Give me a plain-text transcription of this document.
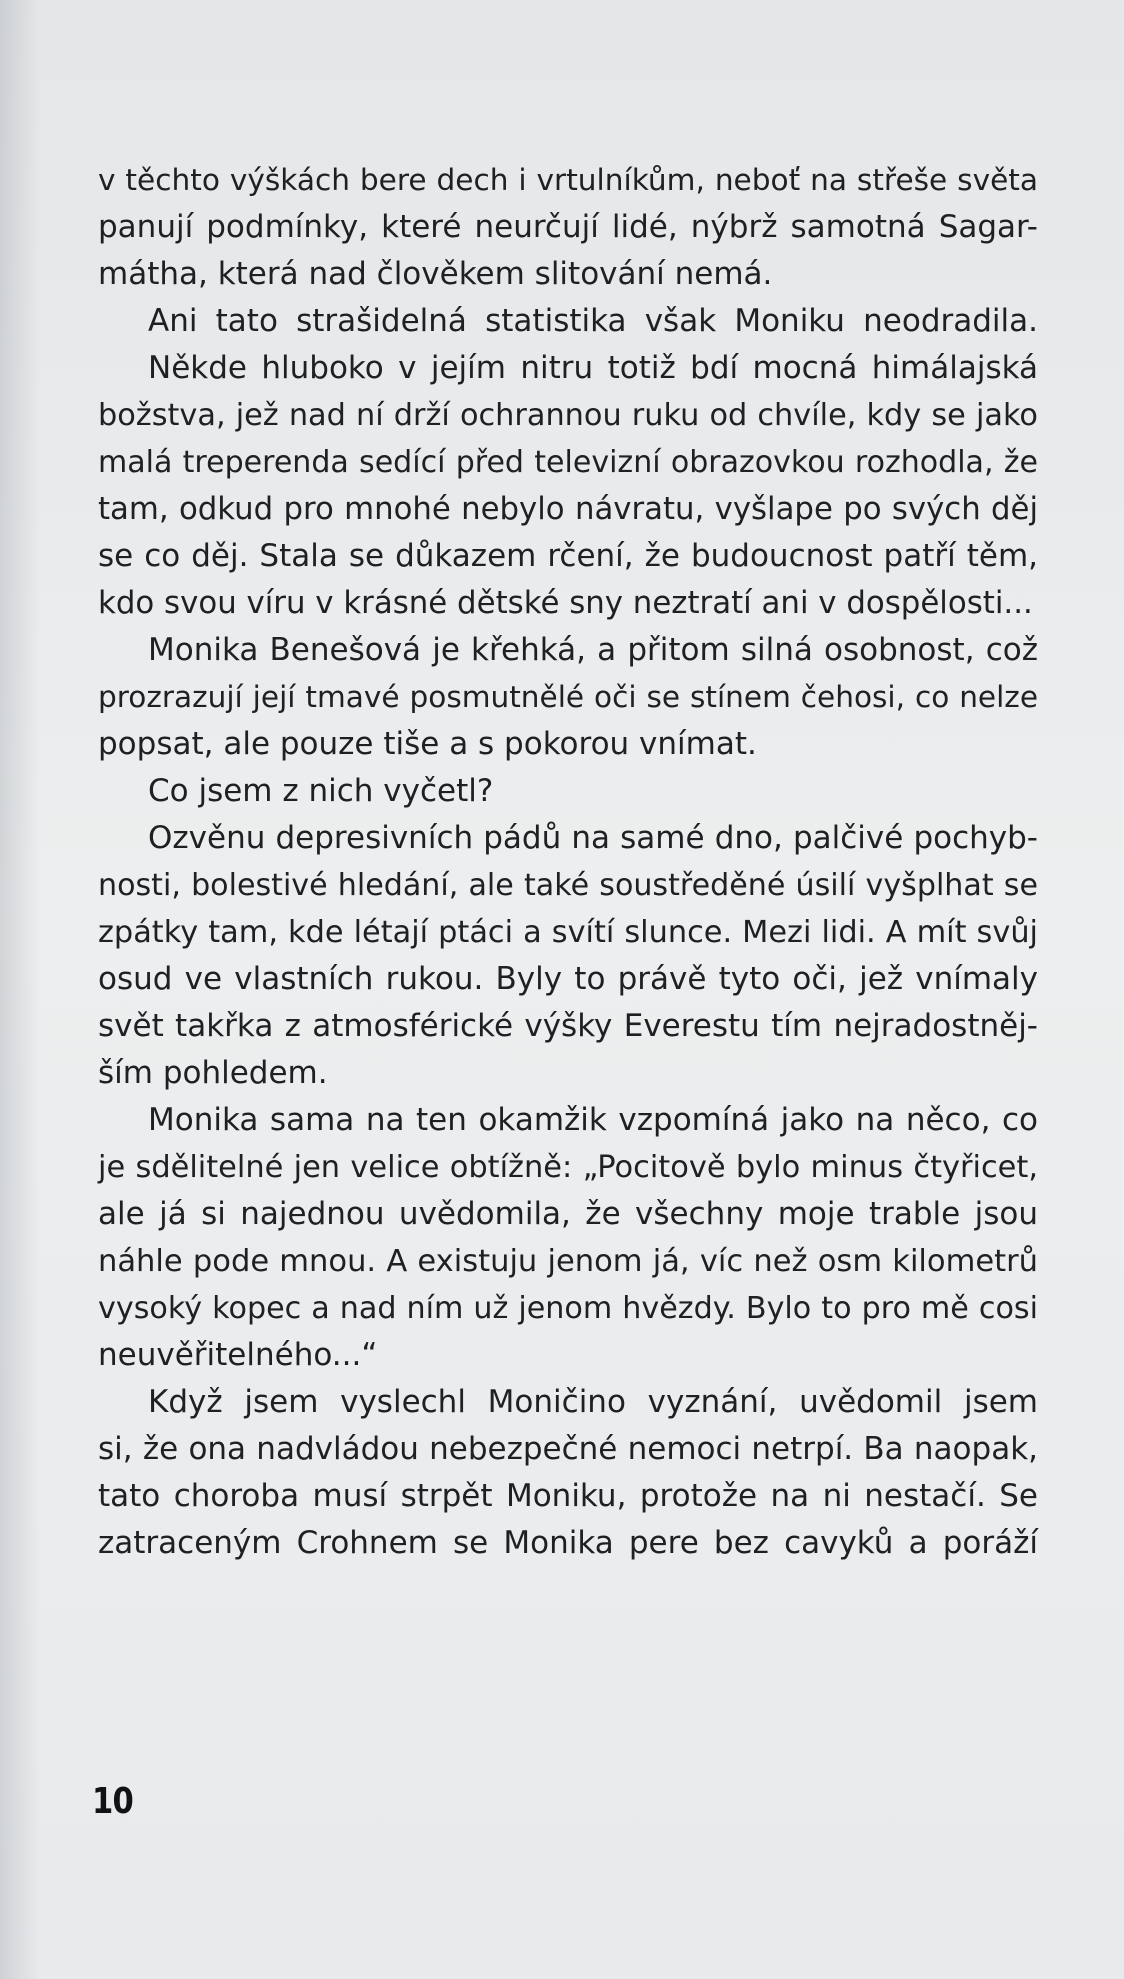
v těchto výškách bere dech i vrtulníkům, neboť na střeše světa
panují podmínky, které neurčují lidé, nýbrž samotná Sagar-
mátha, která nad člověkem slitování nemá.
Ani tato strašidelná statistika však Moniku neodradila.
Někde hluboko v jejím nitru totiž bdí mocná himálajská
božstva, jež nad ní drží ochrannou ruku od chvíle, kdy se jako
malá treperenda sedící před televizní obrazovkou rozhodla, že
tam, odkud pro mnohé nebylo návratu, vyšlape po svých děj
se co děj. Stala se důkazem rčení, že budoucnost patří těm,
kdo svou víru v krásné dětské sny neztratí ani v dospělosti...
Monika Benešová je křehká, a přitom silná osobnost, což
prozrazují její tmavé posmutnělé oči se stínem čehosi, co nelze
popsat, ale pouze tiše a s pokorou vnímat.
Co jsem z nich vyčetl?
Ozvěnu depresivních pádů na samé dno, palčivé pochyb-
nosti, bolestivé hledání, ale také soustředěné úsilí vyšplhat se
zpátky tam, kde létají ptáci a svítí slunce. Mezi lidi. A mít svůj
osud ve vlastních rukou. Byly to právě tyto oči, jež vnímaly
svět takřka z atmosférické výšky Everestu tím nejradostněj-
ším pohledem.
Monika sama na ten okamžik vzpomíná jako na něco, co
je sdělitelné jen velice obtížně: „Pocitově bylo minus čtyřicet,
ale já si najednou uvědomila, že všechny moje trable jsou
náhle pode mnou. A existuju jenom já, víc než osm kilometrů
vysoký kopec a nad ním už jenom hvězdy. Bylo to pro mě cosi
neuvěřitelného...“
Když jsem vyslechl Moničino vyznání, uvědomil jsem
si, že ona nadvládou nebezpečné nemoci netrpí. Ba naopak,
tato choroba musí strpět Moniku, protože na ni nestačí. Se
zatraceným Crohnem se Monika pere bez cavyků a poráží
10
